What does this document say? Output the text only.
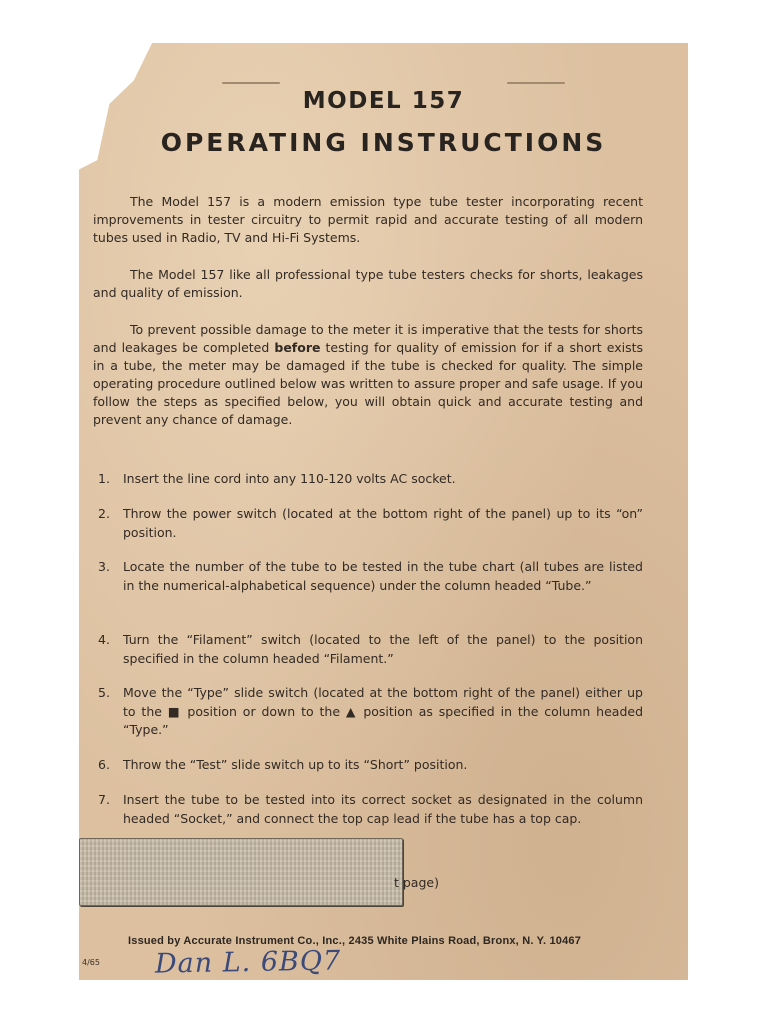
MODEL 157
OPERATING INSTRUCTIONS
The Model 157 is a modern emission type tube tester incorporating recent improvements in tester circuitry to permit rapid and accurate testing of all modern tubes used in Radio, TV and Hi-Fi Systems.
The Model 157 like all professional type tube testers checks for shorts, leakages and quality of emission.
To prevent possible damage to the meter it is imperative that the tests for shorts and leakages be completed before testing for quality of emission for if a short exists in a tube, the meter may be damaged if the tube is checked for quality. The simple operating procedure outlined below was written to assure proper and safe usage. If you follow the steps as specified below, you will obtain quick and accurate testing and prevent any chance of damage.
1.	Insert the line cord into any 110-120 volts AC socket.
2.	Throw the power switch (located at the bottom right of the panel) up to its “on” position.
3.	Locate the number of the tube to be tested in the tube chart (all tubes are listed in the numerical-alphabetical sequence) under the column headed “Tube.”
4.	Turn the “Filament” switch (located to the left of the panel) to the position specified in the column headed “Filament.”
5.	Move the “Type” slide switch (located at the bottom right of the panel) either up to the ■ position or down to the ▲ position as specified in the column headed “Type.”
6.	Throw the “Test” slide switch up to its “Short” position.
7.	Insert the tube to be tested into its correct socket as designated in the column headed “Socket,” and connect the top cap lead if the tube has a top cap.
t page)
Issued by Accurate Instrument Co., Inc., 2435 White Plains Road, Bronx, N. Y. 10467
4/65 Dan L. 6BQ7
